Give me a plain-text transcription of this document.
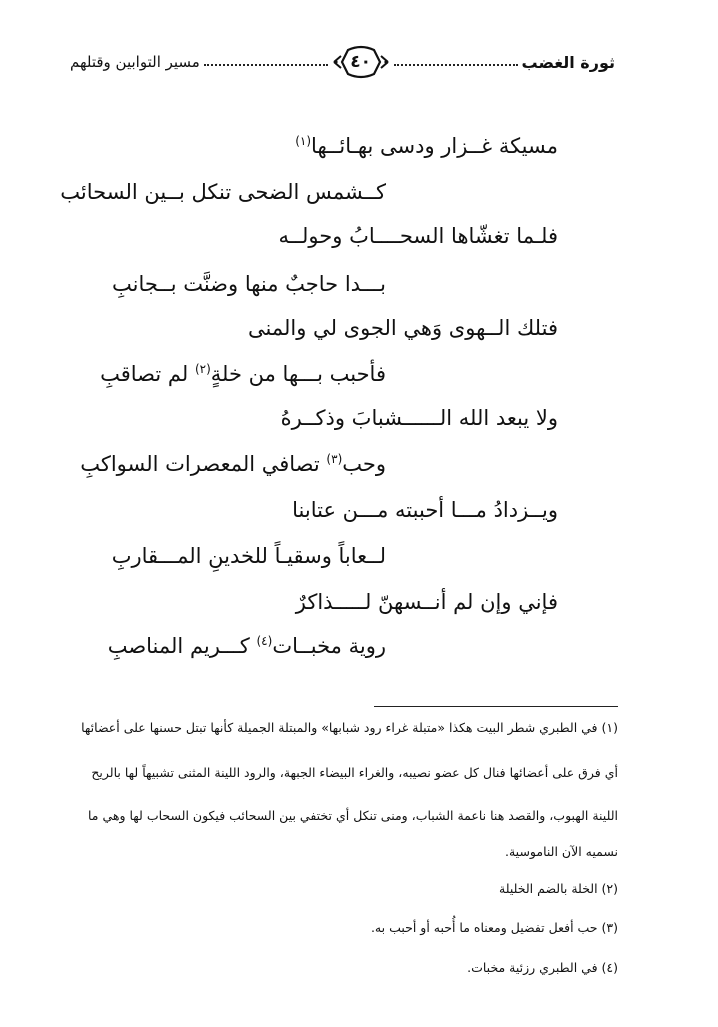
ثورة الغضب
٤٠
مسير التوابين وقتلهم
مسيكة غــزار ودسى بهـائــها$^{(١)}$
كــشمس الضحى تنكل بــين السحائب
فلـما تغشّاها السحــــابُ وحولــه
بـــدا حاجبٌ منها وضنَّت بــجانبِ
فتلك الــهوى وَهي الجوى لي والمنى
فأحبب بـــها من خلةٍ$^{(٢)}$ لم تصاقبِ
ولا يبعد الله الــــــشبابَ وذكــرهُ
وحب$^{(٣)}$ تصافي المعصرات السواكبِ
ويــزدادُ مـــا أحببته مـــن عتابنا
لــعاباً وسقيـاً للخدينِ المـــقاربِ
فإني وإن لم أنــسهنّ لـــــذاكرٌ
روية مخبــات$^{(٤)}$ كـــريم المناصبِ
(١) في الطبري شطر البيت هكذا «متبلة غراء رود شبابها» والمبتلة الجميلة كأنها تبتل حسنها على أعضائها
أي فرق على أعضائها فنال كل عضو نصيبه، والغراء البيضاء الجبهة، والرود اللينة المثنى تشبيهاً لها بالريح
اللينة الهبوب، والقصد هنا ناعمة الشباب، ومنى تنكل أي تختفي بين السحائب فيكون السحاب لها وهي ما
نسميه الآن الناموسية.
(٢) الخلة بالضم الخليلة
(٣) حب أفعل تفضيل ومعناه ما أُحبه أو أحبب به.
(٤) في الطبري رزئية مخبات.
